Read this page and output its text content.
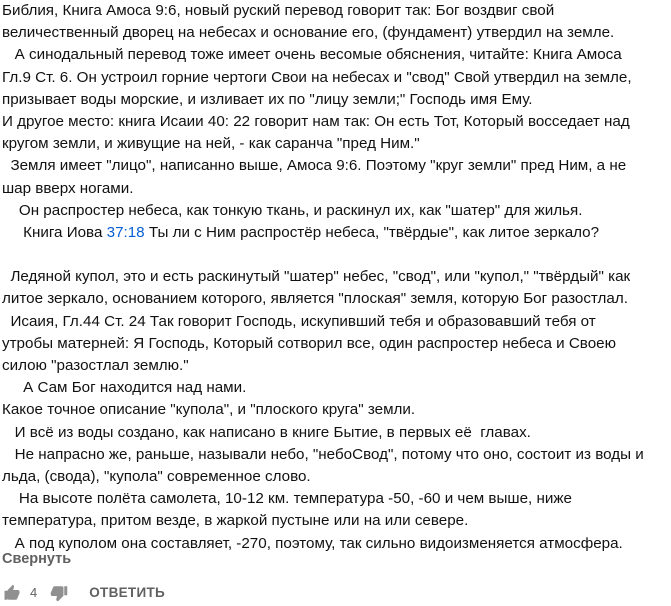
Библия, Книга Амоса 9:6, новый руский перевод говорит так: Бог воздвиг свой
величественный дворец на небесах и основание его, (фундамент) утвердил на земле.
А синодальный перевод тоже имеет очень весомые обяснения, читайте: Книга Амоса
Гл.9 Ст. 6. Он устроил горние чертоги Свои на небесах и "свод" Свой утвердил на земле,
призывает воды морские, и изливает их по "лицу земли;" Господь имя Ему.
И другое место: книга Исаии 40: 22 говорит нам так: Он есть Тот, Который восседает над
кругом земли, и живущие на ней, - как саранча "пред Ним."
Земля имеет "лицо", написанно выше, Амоса 9:6. Поэтому "круг земли" пред Ним, а не
шар вверх ногами.
Он распростер небеса, как тонкую ткань, и раскинул их, как "шатер" для жилья.
Книга Иова 37:18 Ты ли с Ним распростёр небеса, "твёрдые", как литое зеркало?
Ледяной купол, это и есть раскинутый "шатер" небес, "свод", или "купол," "твёрдый" как
литое зеркало, основанием которого, является "плоская" земля, которую Бог разостлал.
Исаия, Гл.44 Ст. 24 Так говорит Господь, искупивший тебя и образовавший тебя от
утробы матерней: Я Господь, Который сотворил все, один распростер небеса и Своею
силою "разостлал землю."
А Сам Бог находится над нами.
Какое точное описание "купола", и "плоского круга" земли.
И всё из воды создано, как написано в книге Бытие, в первых её  главах.
Не напрасно же, раньше, называли небо, "небоСвод", потому что оно, состоит из воды и
льда, (свода), "купола" современное слово.
На высоте полёта самолета, 10-12 км. температура -50, -60 и чем выше, ниже
температура, притом везде, в жаркой пустыне или на или севере.
А под куполом она составляет, -270, поэтому, так сильно видоизменяется атмосфера.
Свернуть
4	ОТВЕТИТЬ
